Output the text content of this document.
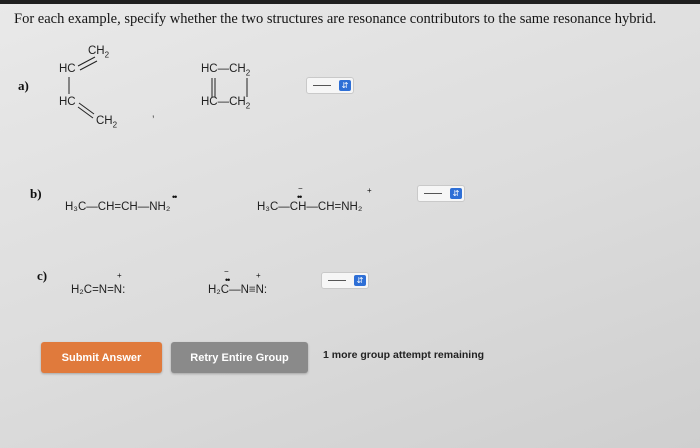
For each example, specify whether the two structures are resonance contributors to the same resonance hybrid.
a)
$CH_2$
HC
HC
$CH_2$
$HC—CH_2$
$HC—CH_2$
’
⇵
b)
H₃C—CH=CH—NH₂
••
H₃C—CH—CH=NH₂
••
−	+	⇵
c)
H₂C=N=N:
+
H₂C—N≡N:
••
−	+
⇵
Submit Answer	Retry Entire Group	1 more group attempt remaining
